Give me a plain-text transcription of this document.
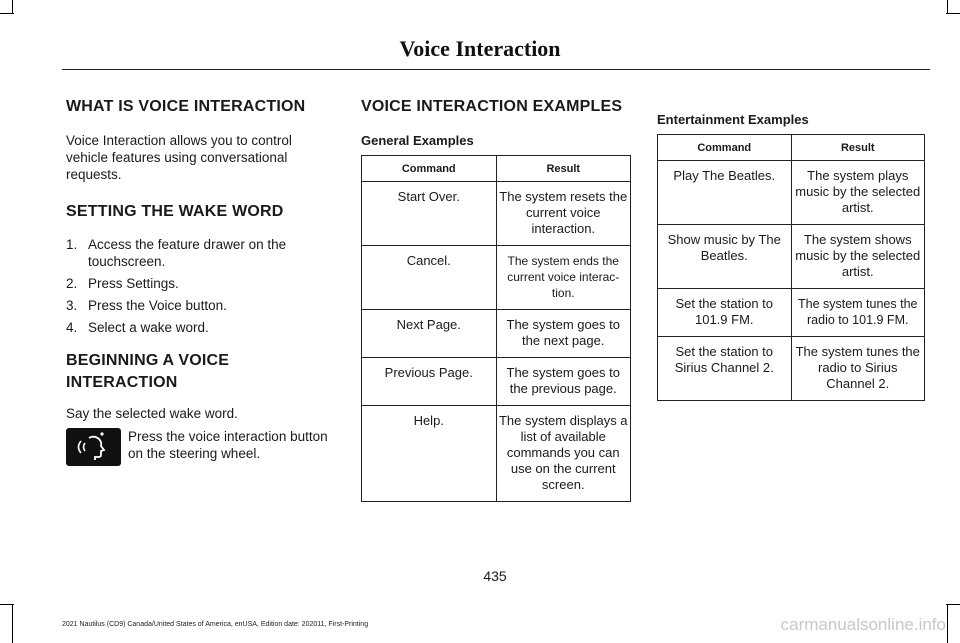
Voice Interaction
WHAT IS VOICE INTERACTION

Voice Interaction allows you to control vehicle features using conversational requests.

SETTING THE WAKE WORD
1. Access the feature drawer on the touchscreen.
2. Press Settings.
3. Press the Voice button.
4. Select a wake word.
BEGINNING A VOICE
INTERACTION

Say the selected wake word.

Press the voice interaction button on the steering wheel.
VOICE INTERACTION EXAMPLES
General Examples
Command	Result
Start Over.	The system resets the current voice interaction.
Cancel.	The system ends the current voice interac-tion.
Next Page.	The system goes to the next page.
Previous Page.	The system goes to the previous page.
Help.	The system displays a list of available commands you can use on the current screen.
Entertainment Examples
Command	Result
Play The Beatles.	The system plays music by the selected artist.
Show music by The Beatles.	The system shows music by the selected artist.
Set the station to 101.9 FM.	The system tunes the radio to 101.9 FM.
Set the station to Sirius Channel 2.	The system tunes the radio to Sirius Channel 2.
435
2021 Nautilus (CD9) Canada/United States of America, enUSA, Edition date: 202011, First-Printing	carmanualsonline.info
